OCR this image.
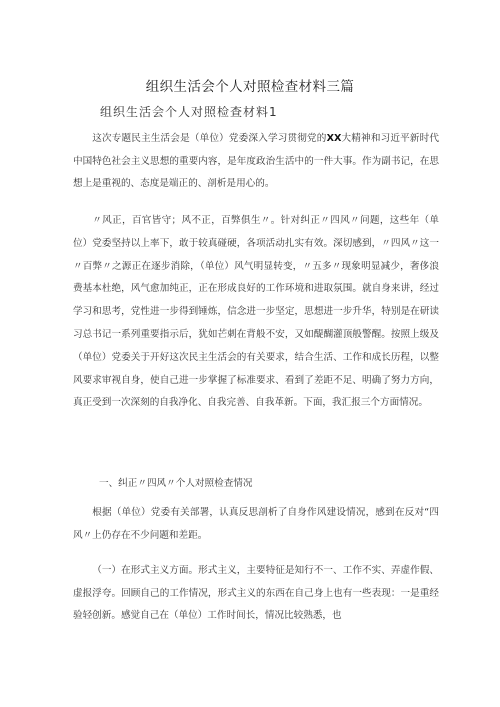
组织生活会个人对照检查材料三篇
组织生活会个人对照检查材料1

这次专题民主生活会是（单位）党委深入学习贯彻党的XX大精神和习近平新时代中国特色社会主义思想的重要内容，是年度政治生活中的一件大事。作为副书记，在思想上是重视的、态度是端正的、剖析是用心的。

〃风正，百官皆守；风不正，百弊俱生〃。针对纠正〃四风〃问题，这些年（单位）党委坚持以上率下，敢于较真碰硬，各项活动扎实有效。深切感到，〃四风〃这一〃百弊〃之源正在逐步消除，（单位）风气明显转变，〃五多〃现象明显减少，奢侈浪费基本杜绝，风气愈加纯正，正在形成良好的工作环境和进取氛围。就自身来讲，经过学习和思考，党性进一步得到锤炼，信念进一步坚定，思想进一步升华，特别是在研读习总书记一系列重要指示后，犹如芒刺在背般不安，又如醍醐灌顶般警醒。按照上级及（单位）党委关于开好这次民主生活会的有关要求，结合生活、工作和成长历程，以整风要求审视自身，使自己进一步掌握了标准要求、看到了差距不足、明确了努力方向，真正受到一次深刻的自我净化、自我完善、自我革新。下面，我汇报三个方面情况。

一、纠正〃四风〃个人对照检查情况

根据（单位）党委有关部署，认真反思剖析了自身作风建设情况，感到在反对“四风〃上仍存在不少问题和差距。

（一）在形式主义方面。形式主义，主要特征是知行不一、工作不实、弄虚作假、虚报浮夸。回顾自己的工作情况，形式主义的东西在自己身上也有一些表现：一是重经验轻创新。感觉自己在（单位）工作时间长，情况比较熟悉，也
